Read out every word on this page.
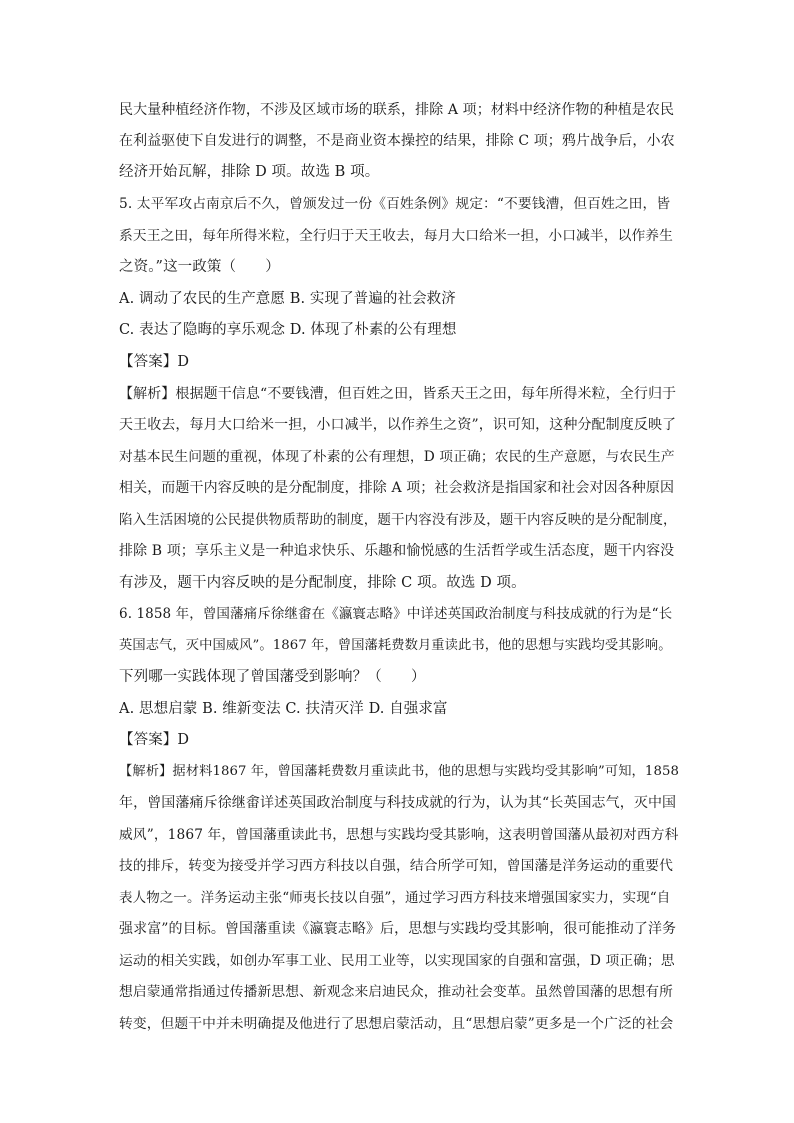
民大量种植经济作物，不涉及区域市场的联系，排除 A 项；材料中经济作物的种植是农民
在利益驱使下自发进行的调整，不是商业资本操控的结果，排除 C 项；鸦片战争后，小农
经济开始瓦解，排除 D 项。故选 B 项。
5. 太平军攻占南京后不久，曾颁发过一份《百姓条例》规定：“不要钱漕，但百姓之田，皆
系天王之田，每年所得米粒，全行归于天王收去，每月大口给米一担，小口减半，以作养生
之资。”这一政策（　　）
A. 调动了农民的生产意愿 B. 实现了普遍的社会救济
C. 表达了隐晦的享乐观念 D. 体现了朴素的公有理想
【答案】D
【解析】根据题干信息“不要钱漕，但百姓之田，皆系天王之田，每年所得米粒，全行归于
天王收去，每月大口给米一担，小口减半，以作养生之资”，识可知，这种分配制度反映了
对基本民生问题的重视，体现了朴素的公有理想，D 项正确；农民的生产意愿，与农民生产
相关，而题干内容反映的是分配制度，排除 A 项；社会救济是指国家和社会对因各种原因
陷入生活困境的公民提供物质帮助的制度，题干内容没有涉及，题干内容反映的是分配制度，
排除 B 项；享乐主义是一种追求快乐、乐趣和愉悦感的生活哲学或生活态度，题干内容没
有涉及，题干内容反映的是分配制度，排除 C 项。故选 D 项。
6. 1858 年，曾国藩痛斥徐继畬在《瀛寰志略》中详述英国政治制度与科技成就的行为是“长
英国志气，灭中国威风”。1867 年，曾国藩耗费数月重读此书，他的思想与实践均受其影响。
下列哪一实践体现了曾国藩受到影响？（　　）
A. 思想启蒙 B. 维新变法 C. 扶清灭洋 D. 自强求富
【答案】D
【解析】据材料1867 年，曾国藩耗费数月重读此书，他的思想与实践均受其影响”可知，1858
年，曾国藩痛斥徐继畬详述英国政治制度与科技成就的行为，认为其“长英国志气，灭中国
威风”，1867 年，曾国藩重读此书，思想与实践均受其影响，这表明曾国藩从最初对西方科
技的排斥，转变为接受并学习西方科技以自强，结合所学可知，曾国藩是洋务运动的重要代
表人物之一。洋务运动主张“师夷长技以自强”，通过学习西方科技来增强国家实力，实现“自
强求富”的目标。曾国藩重读《瀛寰志略》后，思想与实践均受其影响，很可能推动了洋务
运动的相关实践，如创办军事工业、民用工业等，以实现国家的自强和富强，D 项正确；思
想启蒙通常指通过传播新思想、新观念来启迪民众，推动社会变革。虽然曾国藩的思想有所
转变，但题干中并未明确提及他进行了思想启蒙活动，且“思想启蒙”更多是一个广泛的社会
